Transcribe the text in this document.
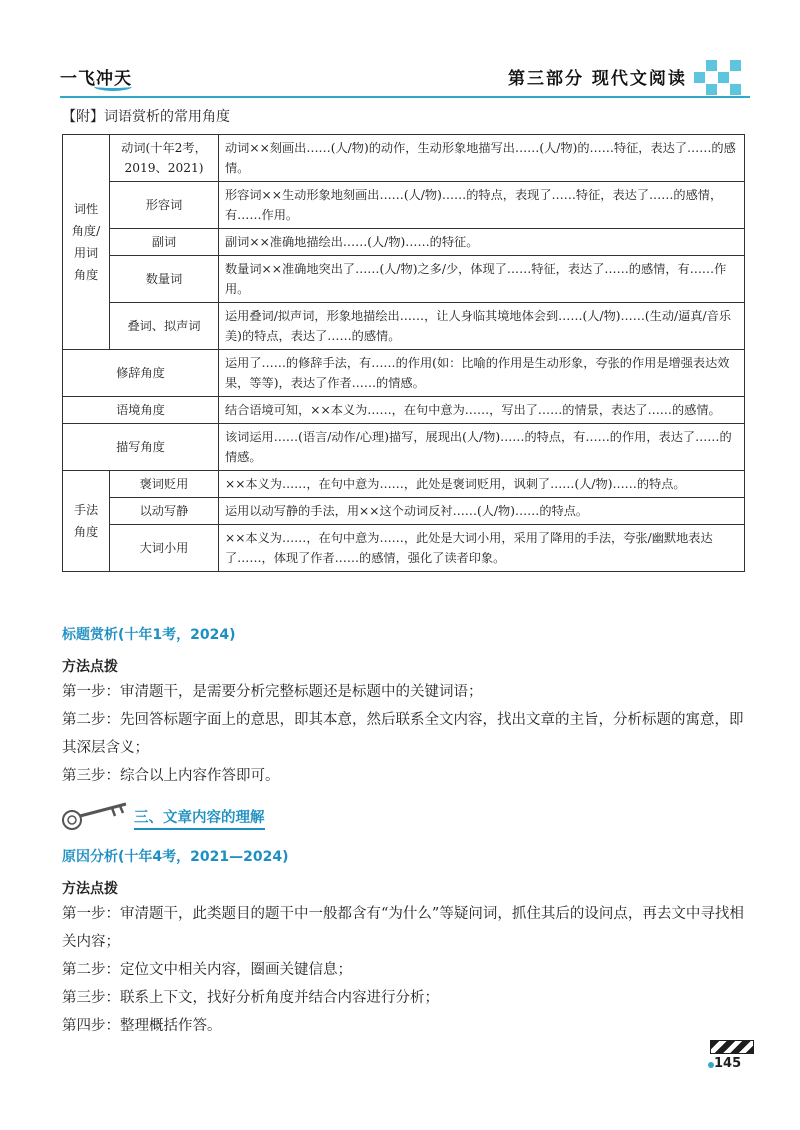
一飞冲天	第三部分 现代文阅读
【附】词语赏析的常用角度
词性角度/用词角度	动词(十年2考，2019、2021)	动词××刻画出……(人/物)的动作，生动形象地描写出……(人/物)的……特征，表达了……的感情。
	形容词	形容词××生动形象地刻画出……(人/物)……的特点，表现了……特征，表达了……的感情，有……作用。
	副词	副词××准确地描绘出……(人/物)……的特征。
	数量词	数量词××准确地突出了……(人/物)之多/少，体现了……特征，表达了……的感情，有……作用。
	叠词、拟声词	运用叠词/拟声词，形象地描绘出……，让人身临其境地体会到……(人/物)……(生动/逼真/音乐美)的特点，表达了……的感情。
修辞角度		运用了……的修辞手法，有……的作用(如：比喻的作用是生动形象，夸张的作用是增强表达效果，等等)，表达了作者……的情感。
语境角度		结合语境可知，××本义为……，在句中意为……，写出了……的情景，表达了……的感情。
描写角度		该词运用……(语言/动作/心理)描写，展现出(人/物)……的特点，有……的作用，表达了……的情感。
手法角度	褒词贬用	××本义为……，在句中意为……，此处是褒词贬用，讽刺了……(人/物)……的特点。
	以动写静	运用以动写静的手法，用××这个动词反衬……(人/物)……的特点。
	大词小用	××本义为……，在句中意为……，此处是大词小用，采用了降用的手法，夸张/幽默地表达了……，体现了作者……的感情，强化了读者印象。
标题赏析(十年1考，2024)
方法点拨
第一步：审清题干，是需要分析完整标题还是标题中的关键词语；
第二步：先回答标题字面上的意思，即其本意，然后联系全文内容，找出文章的主旨，分析标题的寓意，即其深层含义；
第三步：综合以上内容作答即可。
三、文章内容的理解
原因分析(十年4考，2021—2024)
方法点拨
第一步：审清题干，此类题目的题干中一般都含有“为什么”等疑问词，抓住其后的设问点，再去文中寻找相关内容；
第二步：定位文中相关内容，圈画关键信息；
第三步：联系上下文，找好分析角度并结合内容进行分析；
第四步：整理概括作答。
145
